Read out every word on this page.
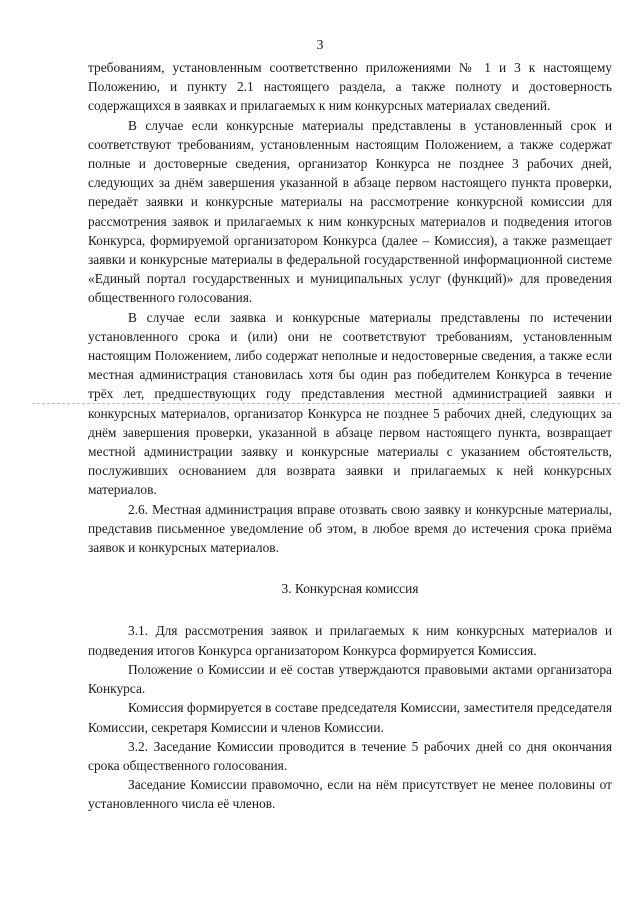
3

требованиям, установленным соответственно приложениями № 1 и 3 к настоящему Положению, и пункту 2.1 настоящего раздела, а также полноту и достоверность содержащихся в заявках и прилагаемых к ним конкурсных материалах сведений.

В случае если конкурсные материалы представлены в установленный срок и соответствуют требованиям, установленным настоящим Положением, а также содержат полные и достоверные сведения, организатор Конкурса не позднее 3 рабочих дней, следующих за днём завершения указанной в абзаце первом настоящего пункта проверки, передаёт заявки и конкурсные материалы на рассмотрение конкурсной комиссии для рассмотрения заявок и прилагаемых к ним конкурсных материалов и подведения итогов Конкурса, формируемой организатором Конкурса (далее – Комиссия), а также размещает заявки и конкурсные материалы в федеральной государственной информационной системе «Единый портал государственных и муниципальных услуг (функций)» для проведения общественного голосования.

В случае если заявка и конкурсные материалы представлены по истечении установленного срока и (или) они не соответствуют требованиям, установленным настоящим Положением, либо содержат неполные и недостоверные сведения, а также если местная администрация становилась хотя бы один раз победителем Конкурса в течение трёх лет, предшествующих году представления местной администрацией заявки и конкурсных материалов, организатор Конкурса не позднее 5 рабочих дней, следующих за днём завершения проверки, указанной в абзаце первом настоящего пункта, возвращает местной администрации заявку и конкурсные материалы с указанием обстоятельств, послуживших основанием для возврата заявки и прилагаемых к ней конкурсных материалов.

2.6. Местная администрация вправе отозвать свою заявку и конкурсные материалы, представив письменное уведомление об этом, в любое время до истечения срока приёма заявок и конкурсных материалов.

3. Конкурсная комиссия

3.1. Для рассмотрения заявок и прилагаемых к ним конкурсных материалов и подведения итогов Конкурса организатором Конкурса формируется Комиссия.

Положение о Комиссии и её состав утверждаются правовыми актами организатора Конкурса.

Комиссия формируется в составе председателя Комиссии, заместителя председателя Комиссии, секретаря Комиссии и членов Комиссии.

3.2. Заседание Комиссии проводится в течение 5 рабочих дней со дня окончания срока общественного голосования.

Заседание Комиссии правомочно, если на нём присутствует не менее половины от установленного числа её членов.
